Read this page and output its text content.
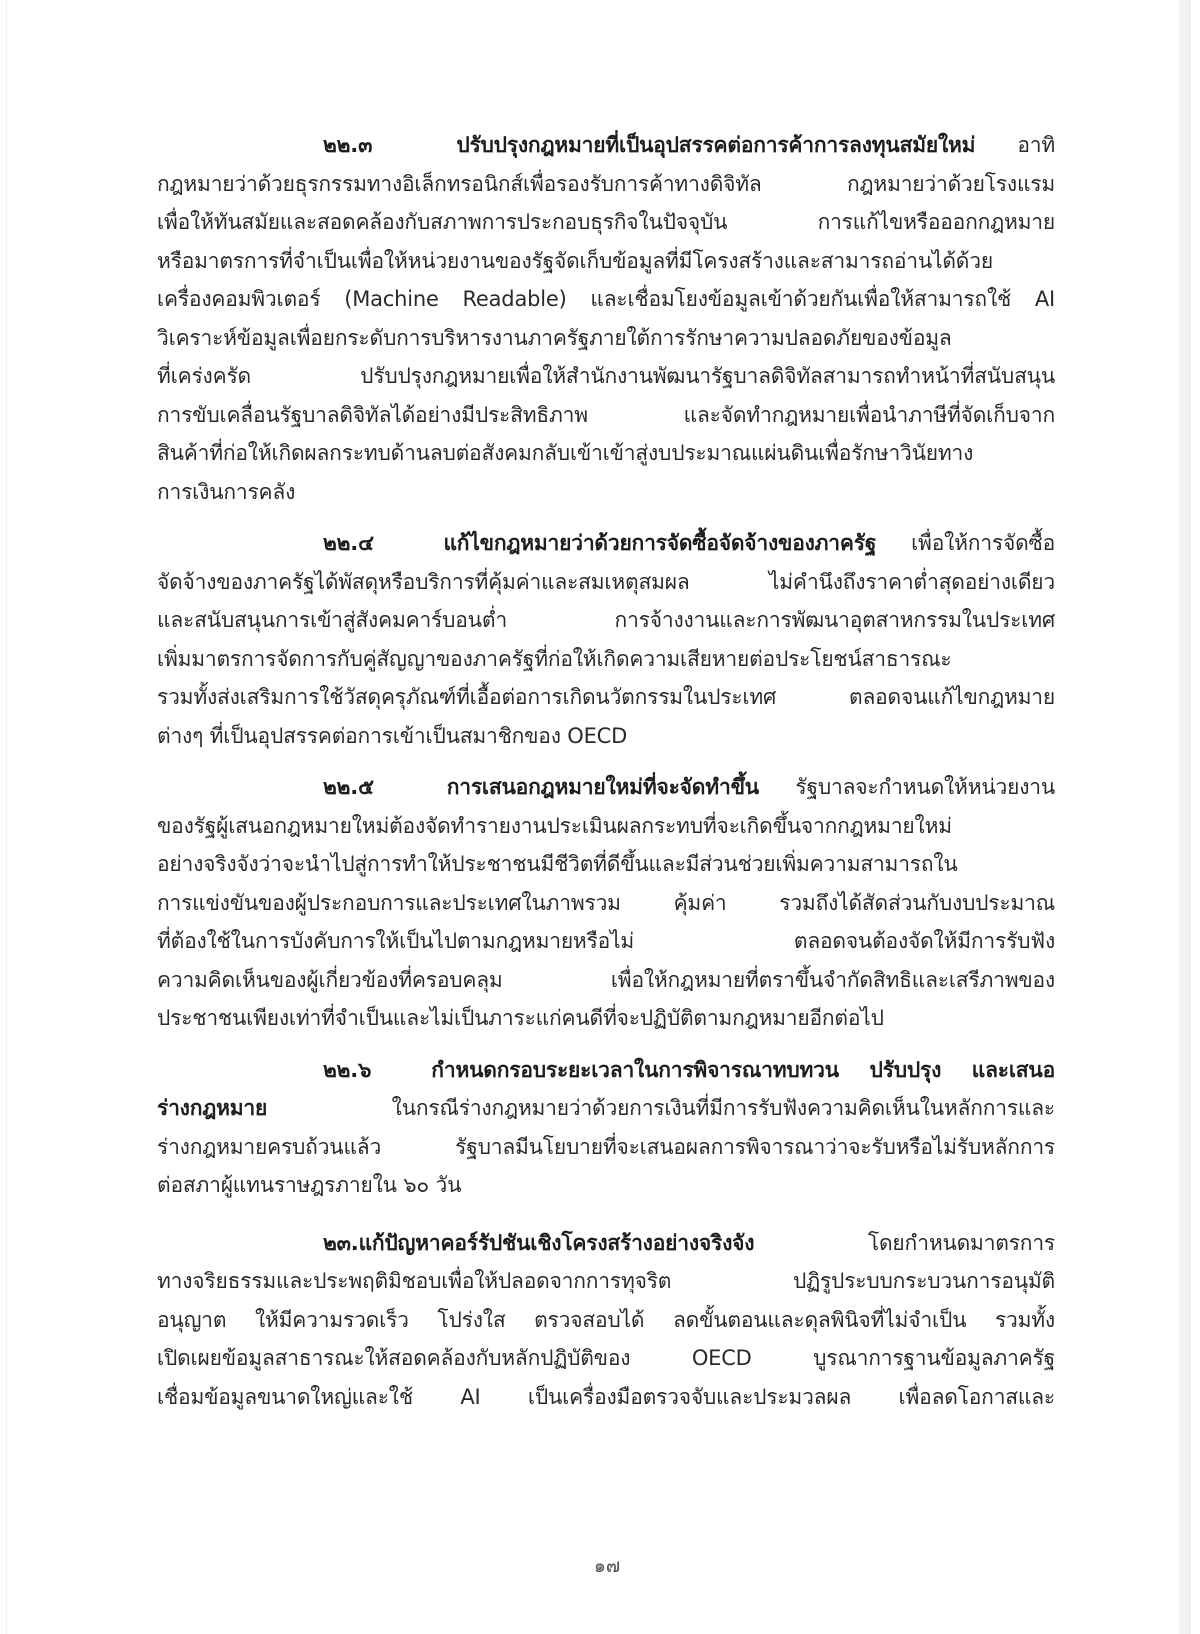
๒๒.๓	ปรับปรุงกฎหมายที่เป็นอุปสรรคต่อการค้าการลงทุนสมัยใหม่ อาทิ
กฎหมายว่าด้วยธุรกรรมทางอิเล็กทรอนิกส์เพื่อรองรับการค้าทางดิจิทัล กฎหมายว่าด้วยโรงแรม
เพื่อให้ทันสมัยและสอดคล้องกับสภาพการประกอบธุรกิจในปัจจุบัน การแก้ไขหรือออกกฎหมาย
หรือมาตรการที่จำเป็นเพื่อให้หน่วยงานของรัฐจัดเก็บข้อมูลที่มีโครงสร้างและสามารถอ่านได้ด้วย
เครื่องคอมพิวเตอร์ (Machine Readable) และเชื่อมโยงข้อมูลเข้าด้วยกันเพื่อให้สามารถใช้ AI
วิเคราะห์ข้อมูลเพื่อยกระดับการบริหารงานภาครัฐภายใต้การรักษาความปลอดภัยของข้อมูล
ที่เคร่งครัด ปรับปรุงกฎหมายเพื่อให้สำนักงานพัฒนารัฐบาลดิจิทัลสามารถทำหน้าที่สนับสนุน
การขับเคลื่อนรัฐบาลดิจิทัลได้อย่างมีประสิทธิภาพ และจัดทำกฎหมายเพื่อนำภาษีที่จัดเก็บจาก
สินค้าที่ก่อให้เกิดผลกระทบด้านลบต่อสังคมกลับเข้าเข้าสู่งบประมาณแผ่นดินเพื่อรักษาวินัยทาง
การเงินการคลัง
๒๒.๔	แก้ไขกฎหมายว่าด้วยการจัดซื้อจัดจ้างของภาครัฐ เพื่อให้การจัดซื้อ
จัดจ้างของภาครัฐได้พัสดุหรือบริการที่คุ้มค่าและสมเหตุสมผล ไม่คำนึงถึงราคาต่ำสุดอย่างเดียว
และสนับสนุนการเข้าสู่สังคมคาร์บอนต่ำ การจ้างงานและการพัฒนาอุตสาหกรรมในประเทศ
เพิ่มมาตรการจัดการกับคู่สัญญาของภาครัฐที่ก่อให้เกิดความเสียหายต่อประโยชน์สาธารณะ
รวมทั้งส่งเสริมการใช้วัสดุครุภัณฑ์ที่เอื้อต่อการเกิดนวัตกรรมในประเทศ ตลอดจนแก้ไขกฎหมาย
ต่างๆ ที่เป็นอุปสรรคต่อการเข้าเป็นสมาชิกของ OECD
๒๒.๕	การเสนอกฎหมายใหม่ที่จะจัดทำขึ้น รัฐบาลจะกำหนดให้หน่วยงาน
ของรัฐผู้เสนอกฎหมายใหม่ต้องจัดทำรายงานประเมินผลกระทบที่จะเกิดขึ้นจากกฎหมายใหม่
อย่างจริงจังว่าจะนำไปสู่การทำให้ประชาชนมีชีวิตที่ดีขึ้นและมีส่วนช่วยเพิ่มความสามารถใน
การแข่งขันของผู้ประกอบการและประเทศในภาพรวม คุ้มค่า รวมถึงได้สัดส่วนกับงบประมาณ
ที่ต้องใช้ในการบังคับการให้เป็นไปตามกฎหมายหรือไม่ ตลอดจนต้องจัดให้มีการรับฟัง
ความคิดเห็นของผู้เกี่ยวข้องที่ครอบคลุม เพื่อให้กฎหมายที่ตราขึ้นจำกัดสิทธิและเสรีภาพของ
ประชาชนเพียงเท่าที่จำเป็นและไม่เป็นภาระแก่คนดีที่จะปฏิบัติตามกฎหมายอีกต่อไป
๒๒.๖	กำหนดกรอบระยะเวลาในการพิจารณาทบทวน ปรับปรุง และเสนอ
ร่างกฎหมาย	ในกรณีร่างกฎหมายว่าด้วยการเงินที่มีการรับฟังความคิดเห็นในหลักการและ
ร่างกฎหมายครบถ้วนแล้ว รัฐบาลมีนโยบายที่จะเสนอผลการพิจารณาว่าจะรับหรือไม่รับหลักการ
ต่อสภาผู้แทนราษฎรภายใน ๖๐ วัน
๒๓.แก้ปัญหาคอร์รัปชันเชิงโครงสร้างอย่างจริงจัง	โดยกำหนดมาตรการ
ทางจริยธรรมและประพฤติมิชอบเพื่อให้ปลอดจากการทุจริต ปฏิรูประบบกระบวนการอนุมัติ
อนุญาต ให้มีความรวดเร็ว โปร่งใส ตรวจสอบได้ ลดขั้นตอนและดุลพินิจที่ไม่จำเป็น รวมทั้ง
เปิดเผยข้อมูลสาธารณะให้สอดคล้องกับหลักปฏิบัติของ OECD บูรณาการฐานข้อมูลภาครัฐ
เชื่อมข้อมูลขนาดใหญ่และใช้ AI เป็นเครื่องมือตรวจจับและประมวลผล เพื่อลดโอกาสและ
๑๗
